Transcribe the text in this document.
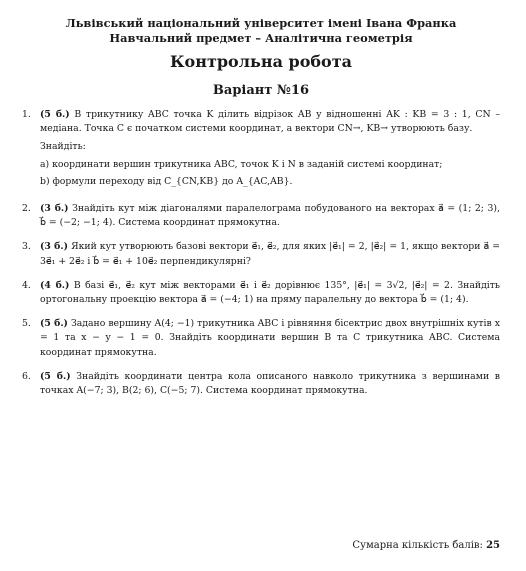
Львівський національний університет імені Івана Франка
Навчальний предмет – Аналітична геометрія
Контрольна робота
Варіант №16
1. (5 б.) В трикутнику ABC точка K ділить відрізок AB у відношенні AK : KB = 3 : 1, CN – медіана. Точка C є початком системи координат, а вектори CN→, KB→ утворюють базу.

Знайдіть:

а) координати вершин трикутника ABC, точок K і N в заданій системі координат;

b) формули переходу від C_{CN,KB} до A_{AC,AB}.

2. (3 б.) Знайдіть кут між діагоналями паралелограма побудованого на векторах a⃗ = (1; 2; 3), b⃗ = (−2; −1; 4). Система координат прямокутна.
3. (3 б.) Який кут утворюють базові вектори e⃗₁, e⃗₂, для яких |e⃗₁| = 2, |e⃗₂| = 1, якщо вектори a⃗ = 3e⃗₁ + 2e⃗₂ і b⃗ = e⃗₁ + 10e⃗₂ перпендикулярні?
4. (4 б.) В базі e⃗₁, e⃗₂ кут між векторами e⃗₁ і e⃗₂ дорівнює 135°, |e⃗₁| = 3√2, |e⃗₂| = 2. Знайдіть ортогональну проекцію вектора a⃗ = (−4; 1) на пряму паралельну до вектора b⃗ = (1; 4).
5. (5 б.) Задано вершину A(4; −1) трикутника ABC і рівняння бісектрис двох внутрішніх кутів x = 1 та x − y − 1 = 0. Знайдіть координати вершин B та C трикутника ABC. Система координат прямокутна.
6. (5 б.) Знайдіть координати центра кола описаного навколо трикутника з вершинами в точках A(−7; 3), B(2; 6), C(−5; 7). Система координат прямокутна.
Сумарна кількість балів: 25
